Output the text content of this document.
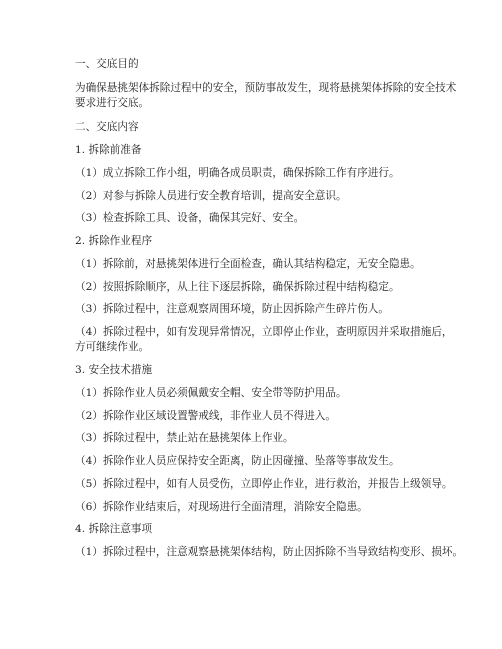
一、交底目的
为确保悬挑架体拆除过程中的安全，预防事故发生，现将悬挑架体拆除的安全技术
要求进行交底。
二、交底内容
1. 拆除前准备
（1）成立拆除工作小组，明确各成员职责，确保拆除工作有序进行。
（2）对参与拆除人员进行安全教育培训，提高安全意识。
（3）检查拆除工具、设备，确保其完好、安全。
2. 拆除作业程序
（1）拆除前，对悬挑架体进行全面检查，确认其结构稳定，无安全隐患。
（2）按照拆除顺序，从上往下逐层拆除，确保拆除过程中结构稳定。
（3）拆除过程中，注意观察周围环境，防止因拆除产生碎片伤人。
（4）拆除过程中，如有发现异常情况，立即停止作业，查明原因并采取措施后，
方可继续作业。
3. 安全技术措施
（1）拆除作业人员必须佩戴安全帽、安全带等防护用品。
（2）拆除作业区域设置警戒线，非作业人员不得进入。
（3）拆除过程中，禁止站在悬挑架体上作业。
（4）拆除作业人员应保持安全距离，防止因碰撞、坠落等事故发生。
（5）拆除过程中，如有人员受伤，立即停止作业，进行救治，并报告上级领导。
（6）拆除作业结束后，对现场进行全面清理，消除安全隐患。
4. 拆除注意事项
（1）拆除过程中，注意观察悬挑架体结构，防止因拆除不当导致结构变形、损坏。
